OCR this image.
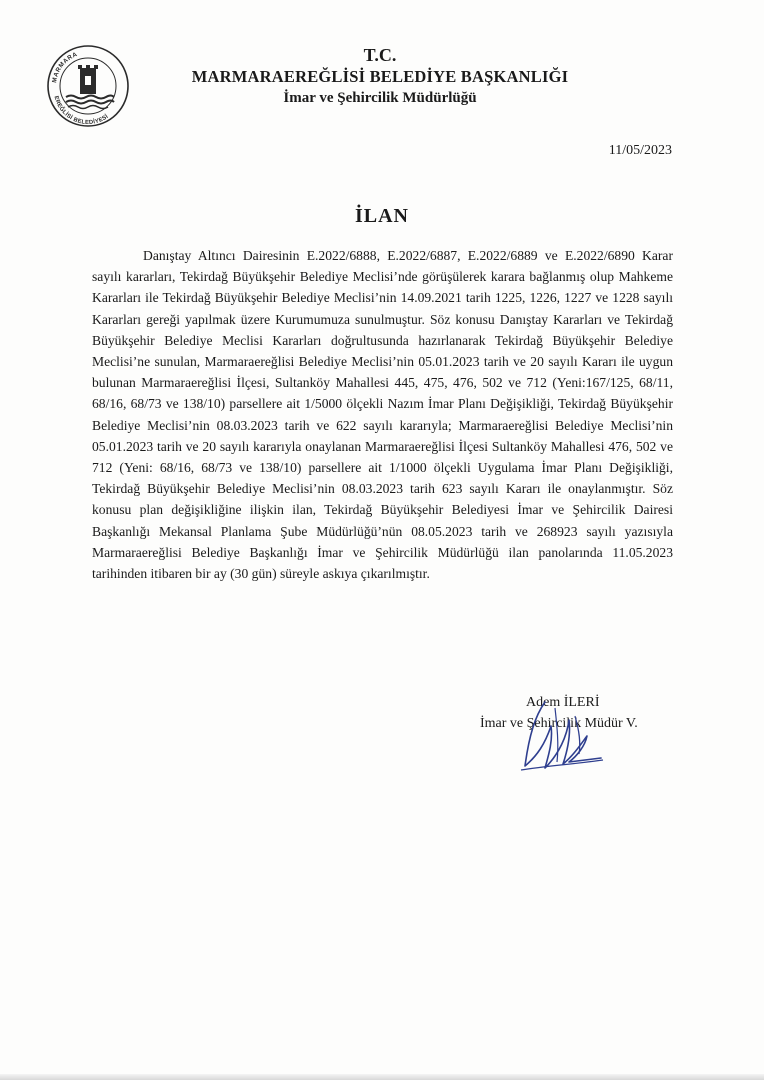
MARMARA
EREĞLİSİ BELEDİYESİ
T.C.
MARMARAEREĞLİSİ BELEDİYE BAŞKANLIĞI
İmar ve Şehircilik Müdürlüğü
11/05/2023
İLAN

Danıştay Altıncı Dairesinin E.2022/6888, E.2022/6887, E.2022/6889 ve E.2022/6890 Karar sayılı kararları, Tekirdağ Büyükşehir Belediye Meclisi’nde görüşülerek karara bağlanmış olup Mahkeme Kararları ile Tekirdağ Büyükşehir Belediye Meclisi’nin 14.09.2021 tarih 1225, 1226, 1227 ve 1228 sayılı Kararları gereği yapılmak üzere Kurumumuza sunulmuştur. Söz konusu Danıştay Kararları ve Tekirdağ Büyükşehir Belediye Meclisi Kararları doğrultusunda hazırlanarak Tekirdağ Büyükşehir Belediye Meclisi’ne sunulan, Marmaraereğlisi Belediye Meclisi’nin 05.01.2023 tarih ve 20 sayılı Kararı ile uygun bulunan Marmaraereğlisi İlçesi, Sultanköy Mahallesi 445, 475, 476, 502 ve 712 (Yeni:167/125, 68/11, 68/16, 68/73 ve 138/10) parsellere ait 1/5000 ölçekli Nazım İmar Planı Değişikliği, Tekirdağ Büyükşehir Belediye Meclisi’nin 08.03.2023 tarih ve 622 sayılı kararıyla; Marmaraereğlisi Belediye Meclisi’nin 05.01.2023 tarih ve 20 sayılı kararıyla onaylanan Marmaraereğlisi İlçesi Sultanköy Mahallesi 476, 502 ve 712 (Yeni: 68/16, 68/73 ve 138/10) parsellere ait 1/1000 ölçekli Uygulama İmar Planı Değişikliği, Tekirdağ Büyükşehir Belediye Meclisi’nin 08.03.2023 tarih 623 sayılı Kararı ile onaylanmıştır. Söz konusu plan değişikliğine ilişkin ilan, Tekirdağ Büyükşehir Belediyesi İmar ve Şehircilik Dairesi Başkanlığı Mekansal Planlama Şube Müdürlüğü’nün 08.05.2023 tarih ve 268923 sayılı yazısıyla Marmaraereğlisi Belediye Başkanlığı İmar ve Şehircilik Müdürlüğü ilan panolarında 11.05.2023 tarihinden itibaren bir ay (30 gün) süreyle askıya çıkarılmıştır.

Adem İLERİ
İmar ve Şehircilik Müdür V.
